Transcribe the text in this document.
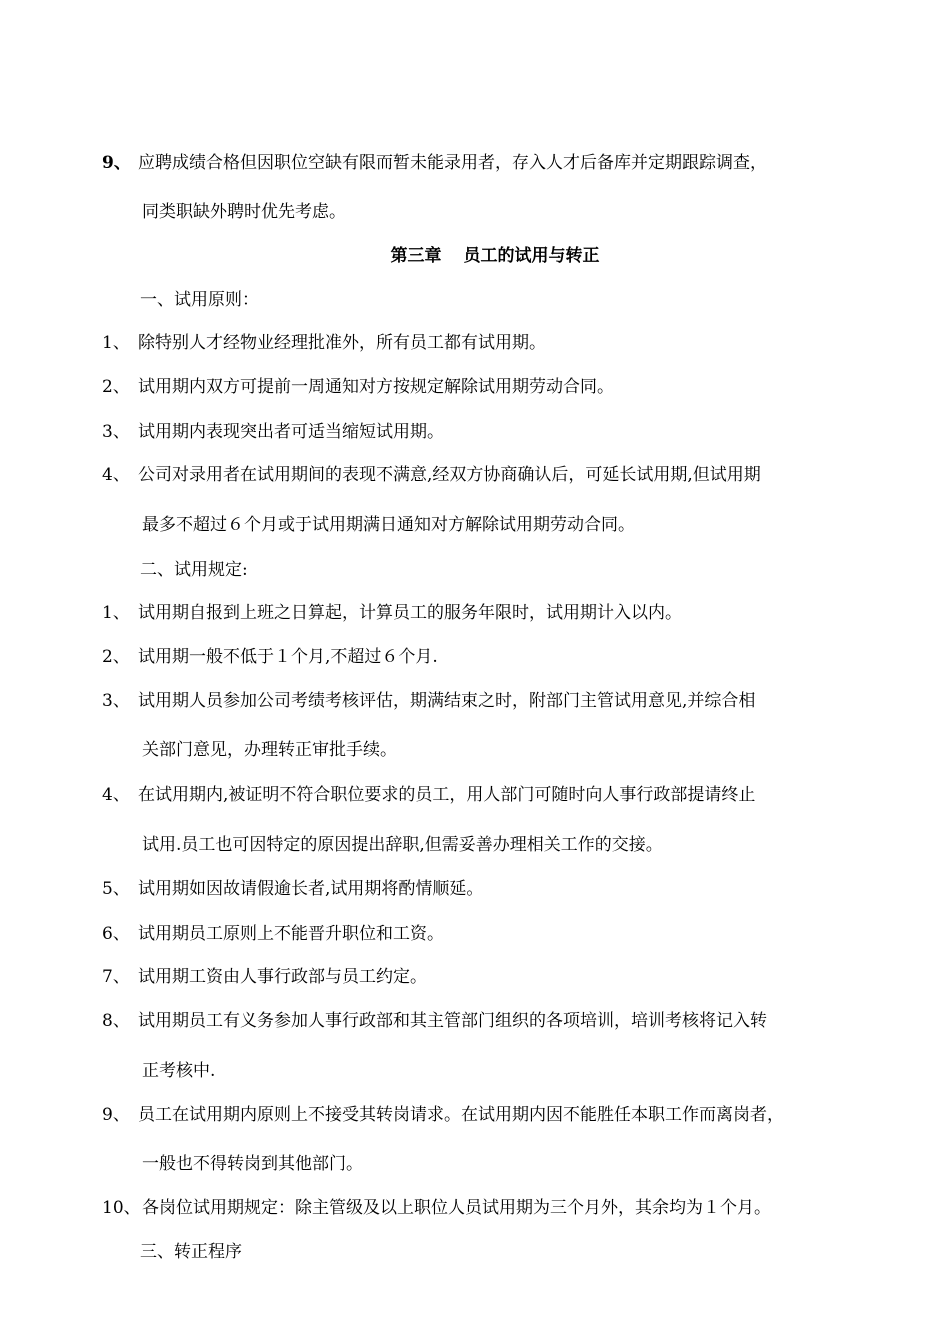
9、 应聘成绩合格但因职位空缺有限而暂未能录用者，存入人才后备库并定期跟踪调查，
同类职缺外聘时优先考虑。
第三章 员工的试用与转正
一、试用原则：
1、 除特别人才经物业经理批准外，所有员工都有试用期。
2、 试用期内双方可提前一周通知对方按规定解除试用期劳动合同。
3、 试用期内表现突出者可适当缩短试用期。
4、 公司对录用者在试用期间的表现不满意,经双方协商确认后，可延长试用期,但试用期
最多不超过６个月或于试用期满日通知对方解除试用期劳动合同。
二、试用规定:
1、 试用期自报到上班之日算起，计算员工的服务年限时，试用期计入以内。
2、 试用期一般不低于１个月,不超过６个月.
3、 试用期人员参加公司考绩考核评估，期满结束之时，附部门主管试用意见,并综合相
关部门意见，办理转正审批手续。
4、 在试用期内,被证明不符合职位要求的员工，用人部门可随时向人事行政部提请终止
试用.员工也可因特定的原因提出辞职,但需妥善办理相关工作的交接。
5、 试用期如因故请假逾长者,试用期将酌情顺延。
6、 试用期员工原则上不能晋升职位和工资。
7、 试用期工资由人事行政部与员工约定。
8、 试用期员工有义务参加人事行政部和其主管部门组织的各项培训，培训考核将记入转
正考核中.
9、 员工在试用期内原则上不接受其转岗请求。在试用期内因不能胜任本职工作而离岗者，
一般也不得转岗到其他部门。
10、 各岗位试用期规定：除主管级及以上职位人员试用期为三个月外，其余均为１个月。
三、转正程序
